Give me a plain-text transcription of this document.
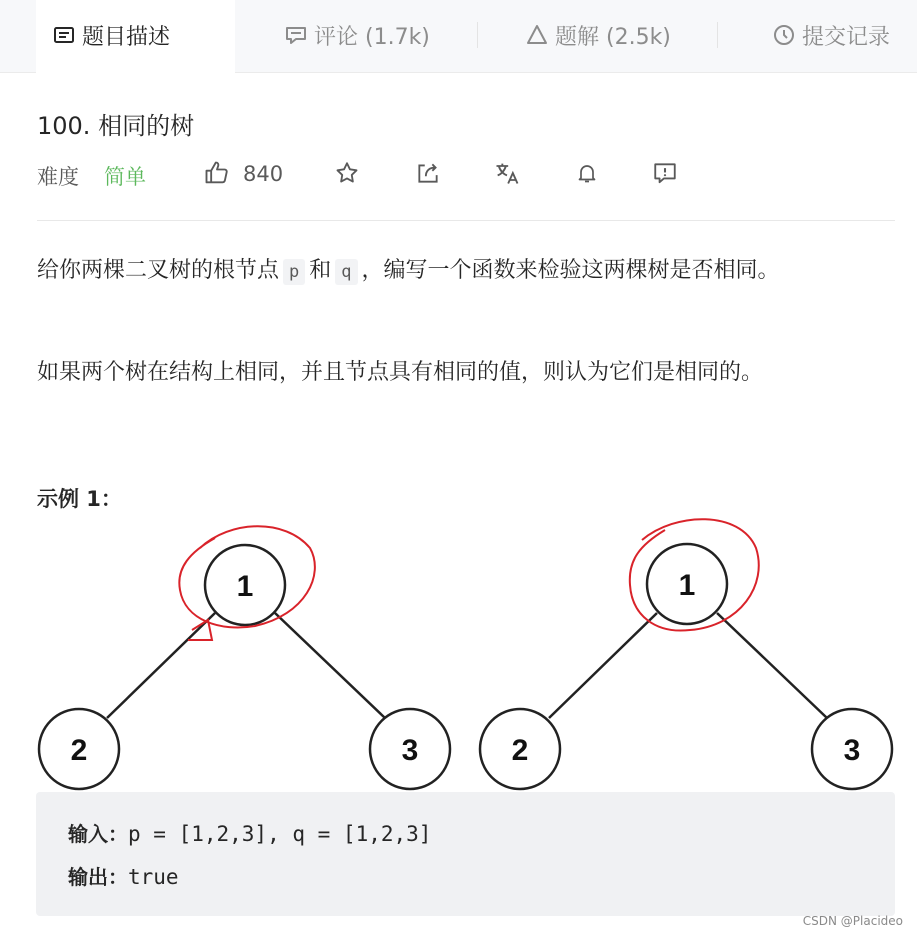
题目描述	评论 (1.7k)	题解 (2.5k)	提交记录
100. 相同的树
难度 简单	840
给你两棵二叉树的根节点 p 和 q ，编写一个函数来检验这两棵树是否相同。
如果两个树在结构上相同，并且节点具有相同的值，则认为它们是相同的。
示例 1：
1
2	3
1
2	3
输入：p = [1,2,3], q = [1,2,3]
输出：true
CSDN @Placideo
